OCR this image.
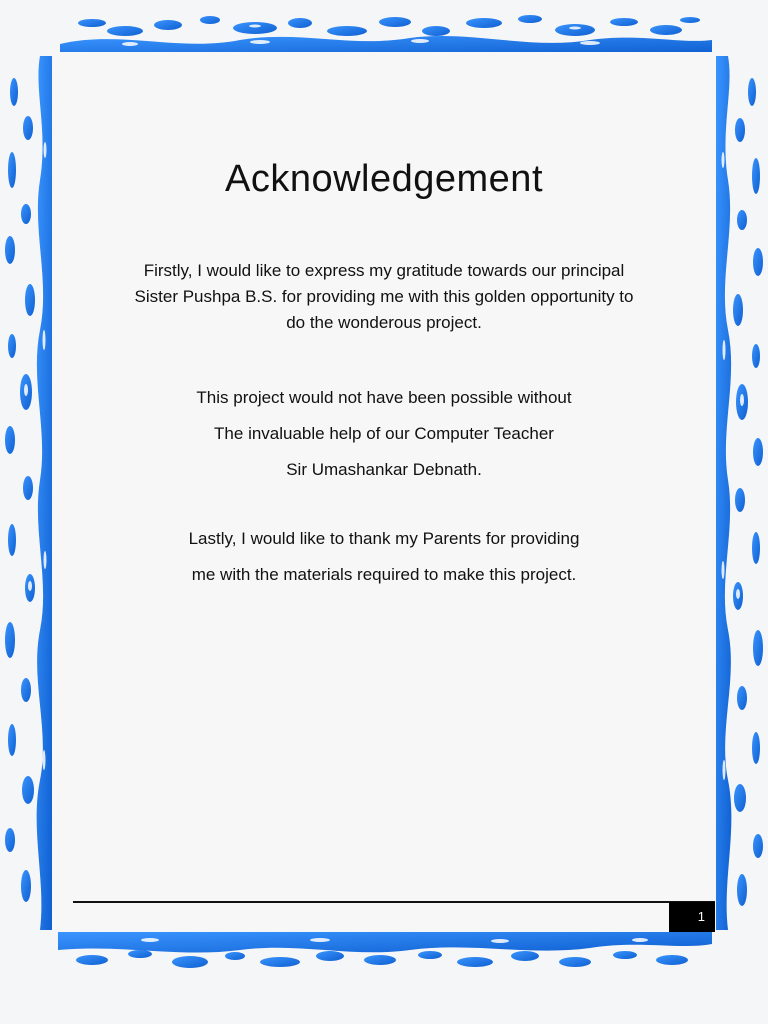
Acknowledgement
Firstly, I would like to express my gratitude towards our principal
Sister Pushpa B.S. for providing me with this golden opportunity to
do the wonderous project.
This project would not have been possible without
The invaluable help of our Computer Teacher
Sir Umashankar Debnath.
Lastly, I would like to thank my Parents for providing
me with the materials required to make this project.
1
